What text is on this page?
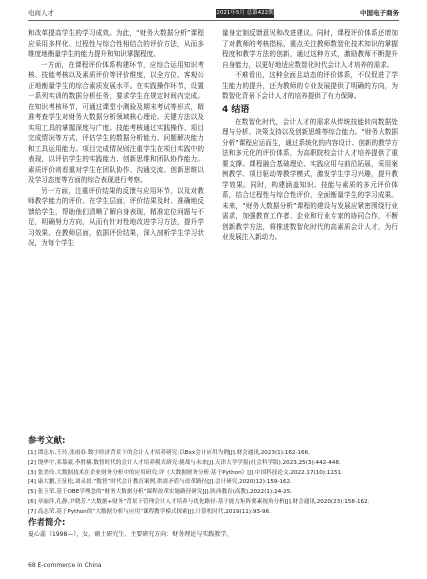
电商人才	2021年5月 总第422期	中国电子商务

和改革提高学生的学习成效。为此，“财务大数据分析”课程应采用多样化、过程性与综合性相结合的评价方法，从而多维度地衡量学生的能力提升和知识掌握程度。

一方面，在课程评价体系构建环节，应综合运用知识考核、技能考核以及素质评价等评价维度，以全方位、客观公正地衡量学生的综合素质发展水平。在实践操作环节，设置一系列实训的数据分析任务，要求学生在规定时间内完成。在知识考核环节，可通过课堂小测验及期末考试等形式，精准考查学生对财务大数据分析领域核心理论、关键方法以及实用工具的掌握深度与广度。技能考核通过实践操作、项目完成情况等方式，评估学生的数据分析能力、问题解决能力和工具运用能力。项目完成情况则注重学生在项目实践中的表现，以评估学生的实践能力、创新思维和团队协作能力。素质评价则看重对学生在团队协作、沟通交流、创新思维以及学习态度等方面的综合表现进行考察。

另一方面，注重评价结果的反馈与应用环节，以及对教师教学能力的评价。在学生层面，评价结果及时、准确地反馈给学生，帮助他们清晰了解自身表现，精准定位问题与不足，明确努力方向，从而有针对性地改进学习方法，提升学习效果。在教师层面，依据评价结果，深入剖析学生学习状况，为每个学生

量身定制反馈意见和改进建议。同时，课程评价体系还增加了对教师的考核指标，重点关注教师数智化技术知识的掌握程度和教学方法的创新，通过这种方式，激励教师不断提升自身能力，以更好地适应数智化时代会计人才培养的需求。

不难看出，这种全面且动态的评价体系，不仅促进了学生能力的提升，还为教师的专业发展提供了明确的方向，为数智化背景下会计人才的培养提供了有力保障。

4 结语

在数智化时代，会计人才的需求从传统技能转向数据处理与分析、决策支持以及创新思维等综合能力。“财务大数据分析”课程应运而生，通过系统化的内容设计、创新的教学方法和多元化的评价体系，为高职院校会计人才培养提供了重要支撑。课程融合基础理论、实践应用与前沿拓展，采用案例教学、项目驱动等教学模式，激发学生学习兴趣，提升教学效果。同时，构建涵盖知识、技能与素质的多元评价体系，结合过程性与综合性评价，全面衡量学生的学习成果。未来，“财务大数据分析”课程的建设与发展应紧密围绕行业需求，加强教育工作者、企业和行业专家的协同合作，不断创新教学方法，将推进数智化时代的高素质会计人才，为行业发展注入新动力。

参考文献:
[1] 谭志东,王玲,张雨春.数字经济背景下的会计人才培养研究:以Bxx会计应用为例[J].财会通讯,2023(1):162-166.
[2] 饶华宇,邓慕豪,李胜楠.数智时代的会计人才培养模式研究:挑战与未来[J].天津大学学报(社会科学版),2023,25(3):442-448.
[3] 张美玲.大数据技术在企业财务分析中的应用研究:评《大数据财务分析:基于Python》[J].中国科技论文,2022,17(10):1151.
[4] 康大鹏,王征松,刘灵晨.“数智”时代会计教育案例,供需矛盾与改革路径[J].会计研究,2020(12):159-162.
[5] 张玉荣.基于OBE学理念的“财务大数据分析”课程改革实施路径研究[J].陕西教育(高教),2022(1):24-25.
[6] 章丽萍,孔静,尹晓芳.“大数据+财务”背景下管理会计人才培养与优化路径:基于能力矩阵要素视角分析[J].财会通讯,2020(23):158-162.
[7] 高志荣.基于Python的“大数据分析与应用”课程教学模式探索[J].计算机时代,2019(11):93-96.
作者简介:
夏心蕊（1998—），女，硕士研究生，主要研究方向：财务理论与实践教学。
68 E-commerce in China
